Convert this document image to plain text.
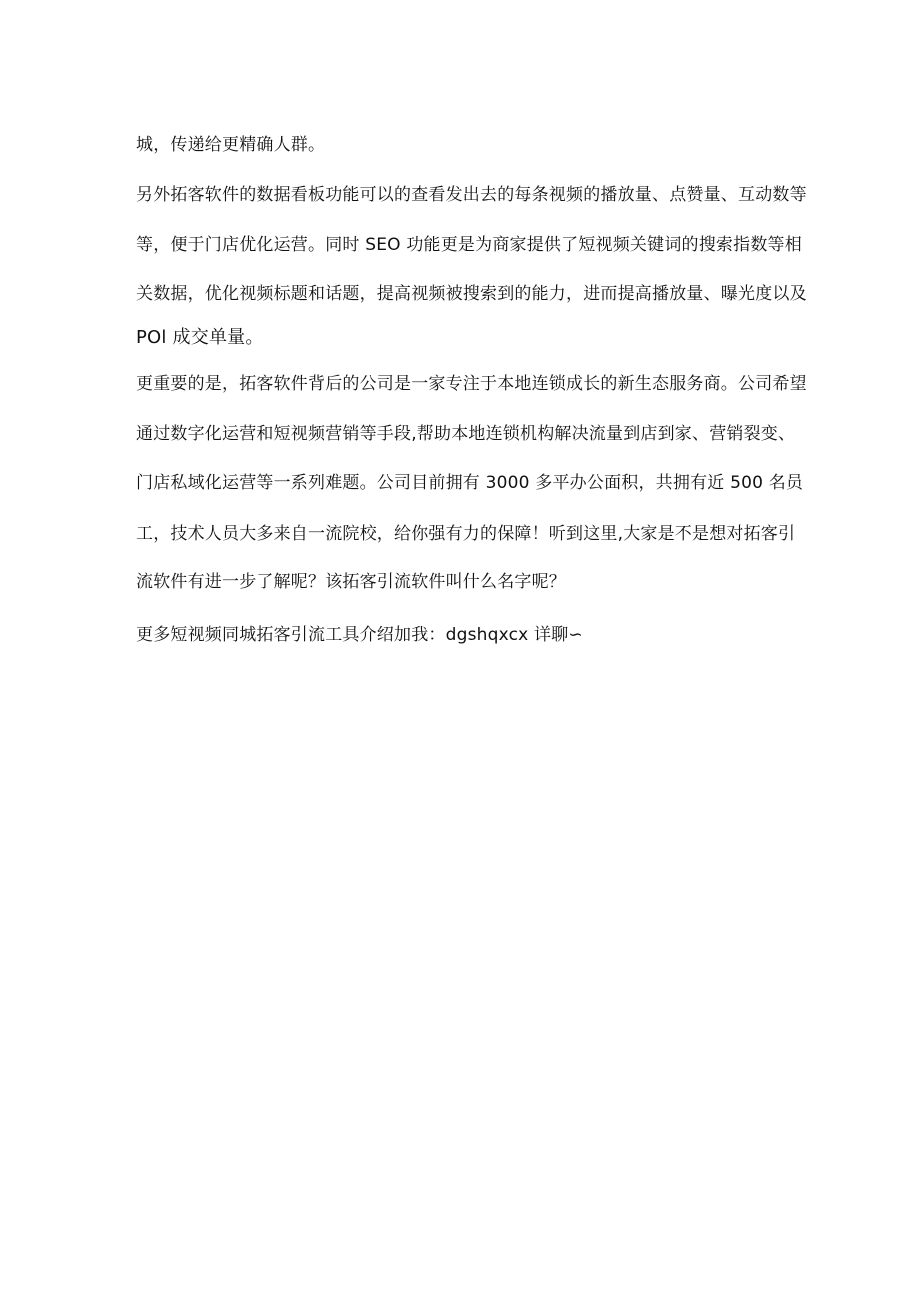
城，传递给更精确人群。
另外拓客软件的数据看板功能可以的查看发出去的每条视频的播放量、点赞量、互动数等
等，便于门店优化运营。同时 SEO 功能更是为商家提供了短视频关键词的搜索指数等相
关数据，优化视频标题和话题，提高视频被搜索到的能力，进而提高播放量、曝光度以及
POl 成交单量。
更重要的是，拓客软件背后的公司是一家专注于本地连锁成长的新生态服务商。公司希望
通过数字化运营和短视频营销等手段,帮助本地连锁机构解决流量到店到家、营销裂变、
门店私域化运营等一系列难题。公司目前拥有 3000 多平办公面积，共拥有近 500 名员
工，技术人员大多来自一流院校，给你强有力的保障！听到这里,大家是不是想对拓客引
流软件有进一步了解呢？该拓客引流软件叫什么名字呢？
更多短视频同城拓客引流工具介绍加我：dgshqxcx 详聊∽
